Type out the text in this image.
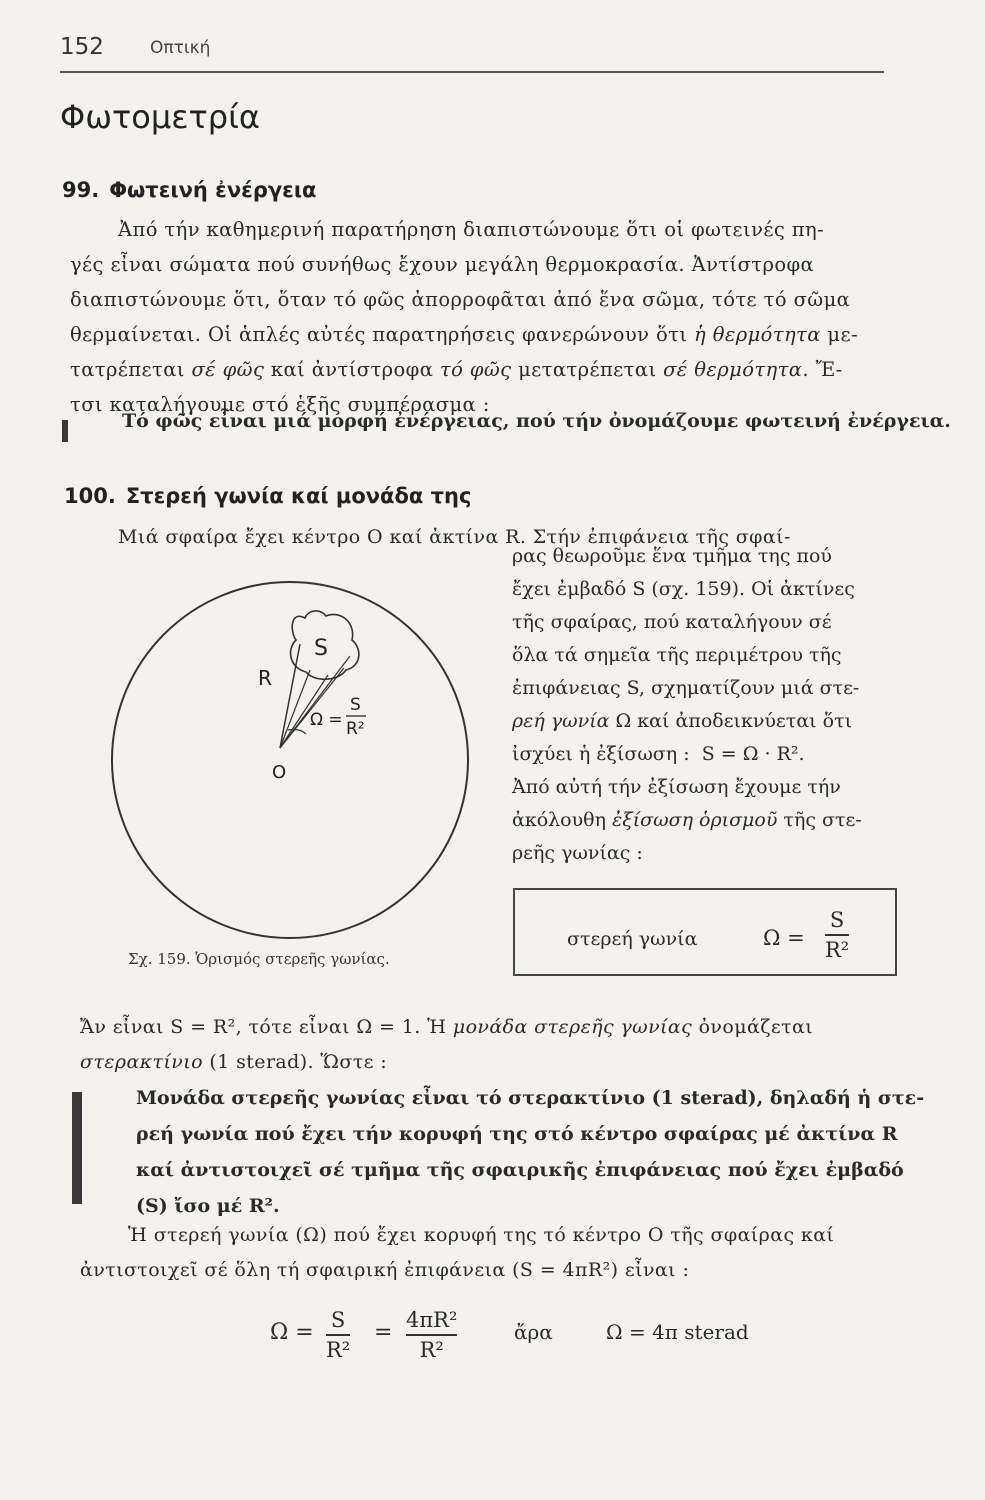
152	Οπτική
Φωτομετρία
99. Φωτεινή ἐνέργεια

Ἀπό τήν καθημερινή παρατήρηση διαπιστώνουμε ὅτι οἱ φωτεινές πη-

γές εἶναι σώματα πού συνήθως ἔχουν μεγάλη θερμοκρασία. Ἀντίστροφα

διαπιστώνουμε ὅτι, ὅταν τό φῶς ἀπορροφᾶται ἀπό ἕνα σῶμα, τότε τό σῶμα

θερμαίνεται. Οἱ ἁπλές αὐτές παρατηρήσεις φανερώνουν ὅτι ἡ θερμότητα με-

τατρέπεται σέ φῶς καί ἀντίστροφα τό φῶς μετατρέπεται σέ θερμότητα. Ἔ-

τσι καταλήγουμε στό ἑξῆς συμπέρασμα :

Τό φῶς εἶναι μιά μορφή ἐνέργειας, πού τήν ὀνομάζουμε φωτεινή ἐνέργεια.
100. Στερεή γωνία καί μονάδα της
Μιά σφαίρα ἔχει κέντρο Ο καί ἀκτίνα R. Στήν ἐπιφάνεια τῆς σφαί-
ρας θεωροῦμε ἕνα τμῆμα της πού
ἔχει ἐμβαδό S (σχ. 159). Οἱ ἀκτίνες
τῆς σφαίρας, πού καταλήγουν σέ
ὅλα τά σημεῖα τῆς περιμέτρου τῆς
ἐπιφάνειας S, σχηματίζουν μιά στε-
ρεή γωνία Ω καί ἀποδεικνύεται ὅτι
ἰσχύει ἡ ἐξίσωση : S = Ω · R².
Ἀπό αὐτή τήν ἐξίσωση ἔχουμε τήν
ἀκόλουθη ἐξίσωση ὁρισμοῦ τῆς στε-
ρεῆς γωνίας :
S
R
O
Ω =
S
R²
Σχ. 159. Ὁρισμός στερεῆς γωνίας.
στερεή γωνία	Ω =
S
R²

Ἄν εἶναι S = R², τότε εἶναι Ω = 1. Ἡ μονάδα στερεῆς γωνίας ὀνομάζεται

στερακτίνιο (1 sterad). Ὥστε :

Μονάδα στερεῆς γωνίας εἶναι τό στερακτίνιο (1 sterad), δηλαδή ἡ στε-
ρεή γωνία πού ἔχει τήν κορυφή της στό κέντρο σφαίρας μέ ἀκτίνα R
καί ἀντιστοιχεῖ σέ τμῆμα τῆς σφαιρικῆς ἐπιφάνειας πού ἔχει ἐμβαδό
(S) ἴσο μέ R².

Ἡ στερεή γωνία (Ω) πού ἔχει κορυφή της τό κέντρο Ο τῆς σφαίρας καί

ἀντιστοιχεῖ σέ ὅλη τή σφαιρική ἐπιφάνεια (S = 4πR²) εἶναι :

Ω = S
R²
= 4πR²
R²
ἄρα	Ω = 4π sterad
